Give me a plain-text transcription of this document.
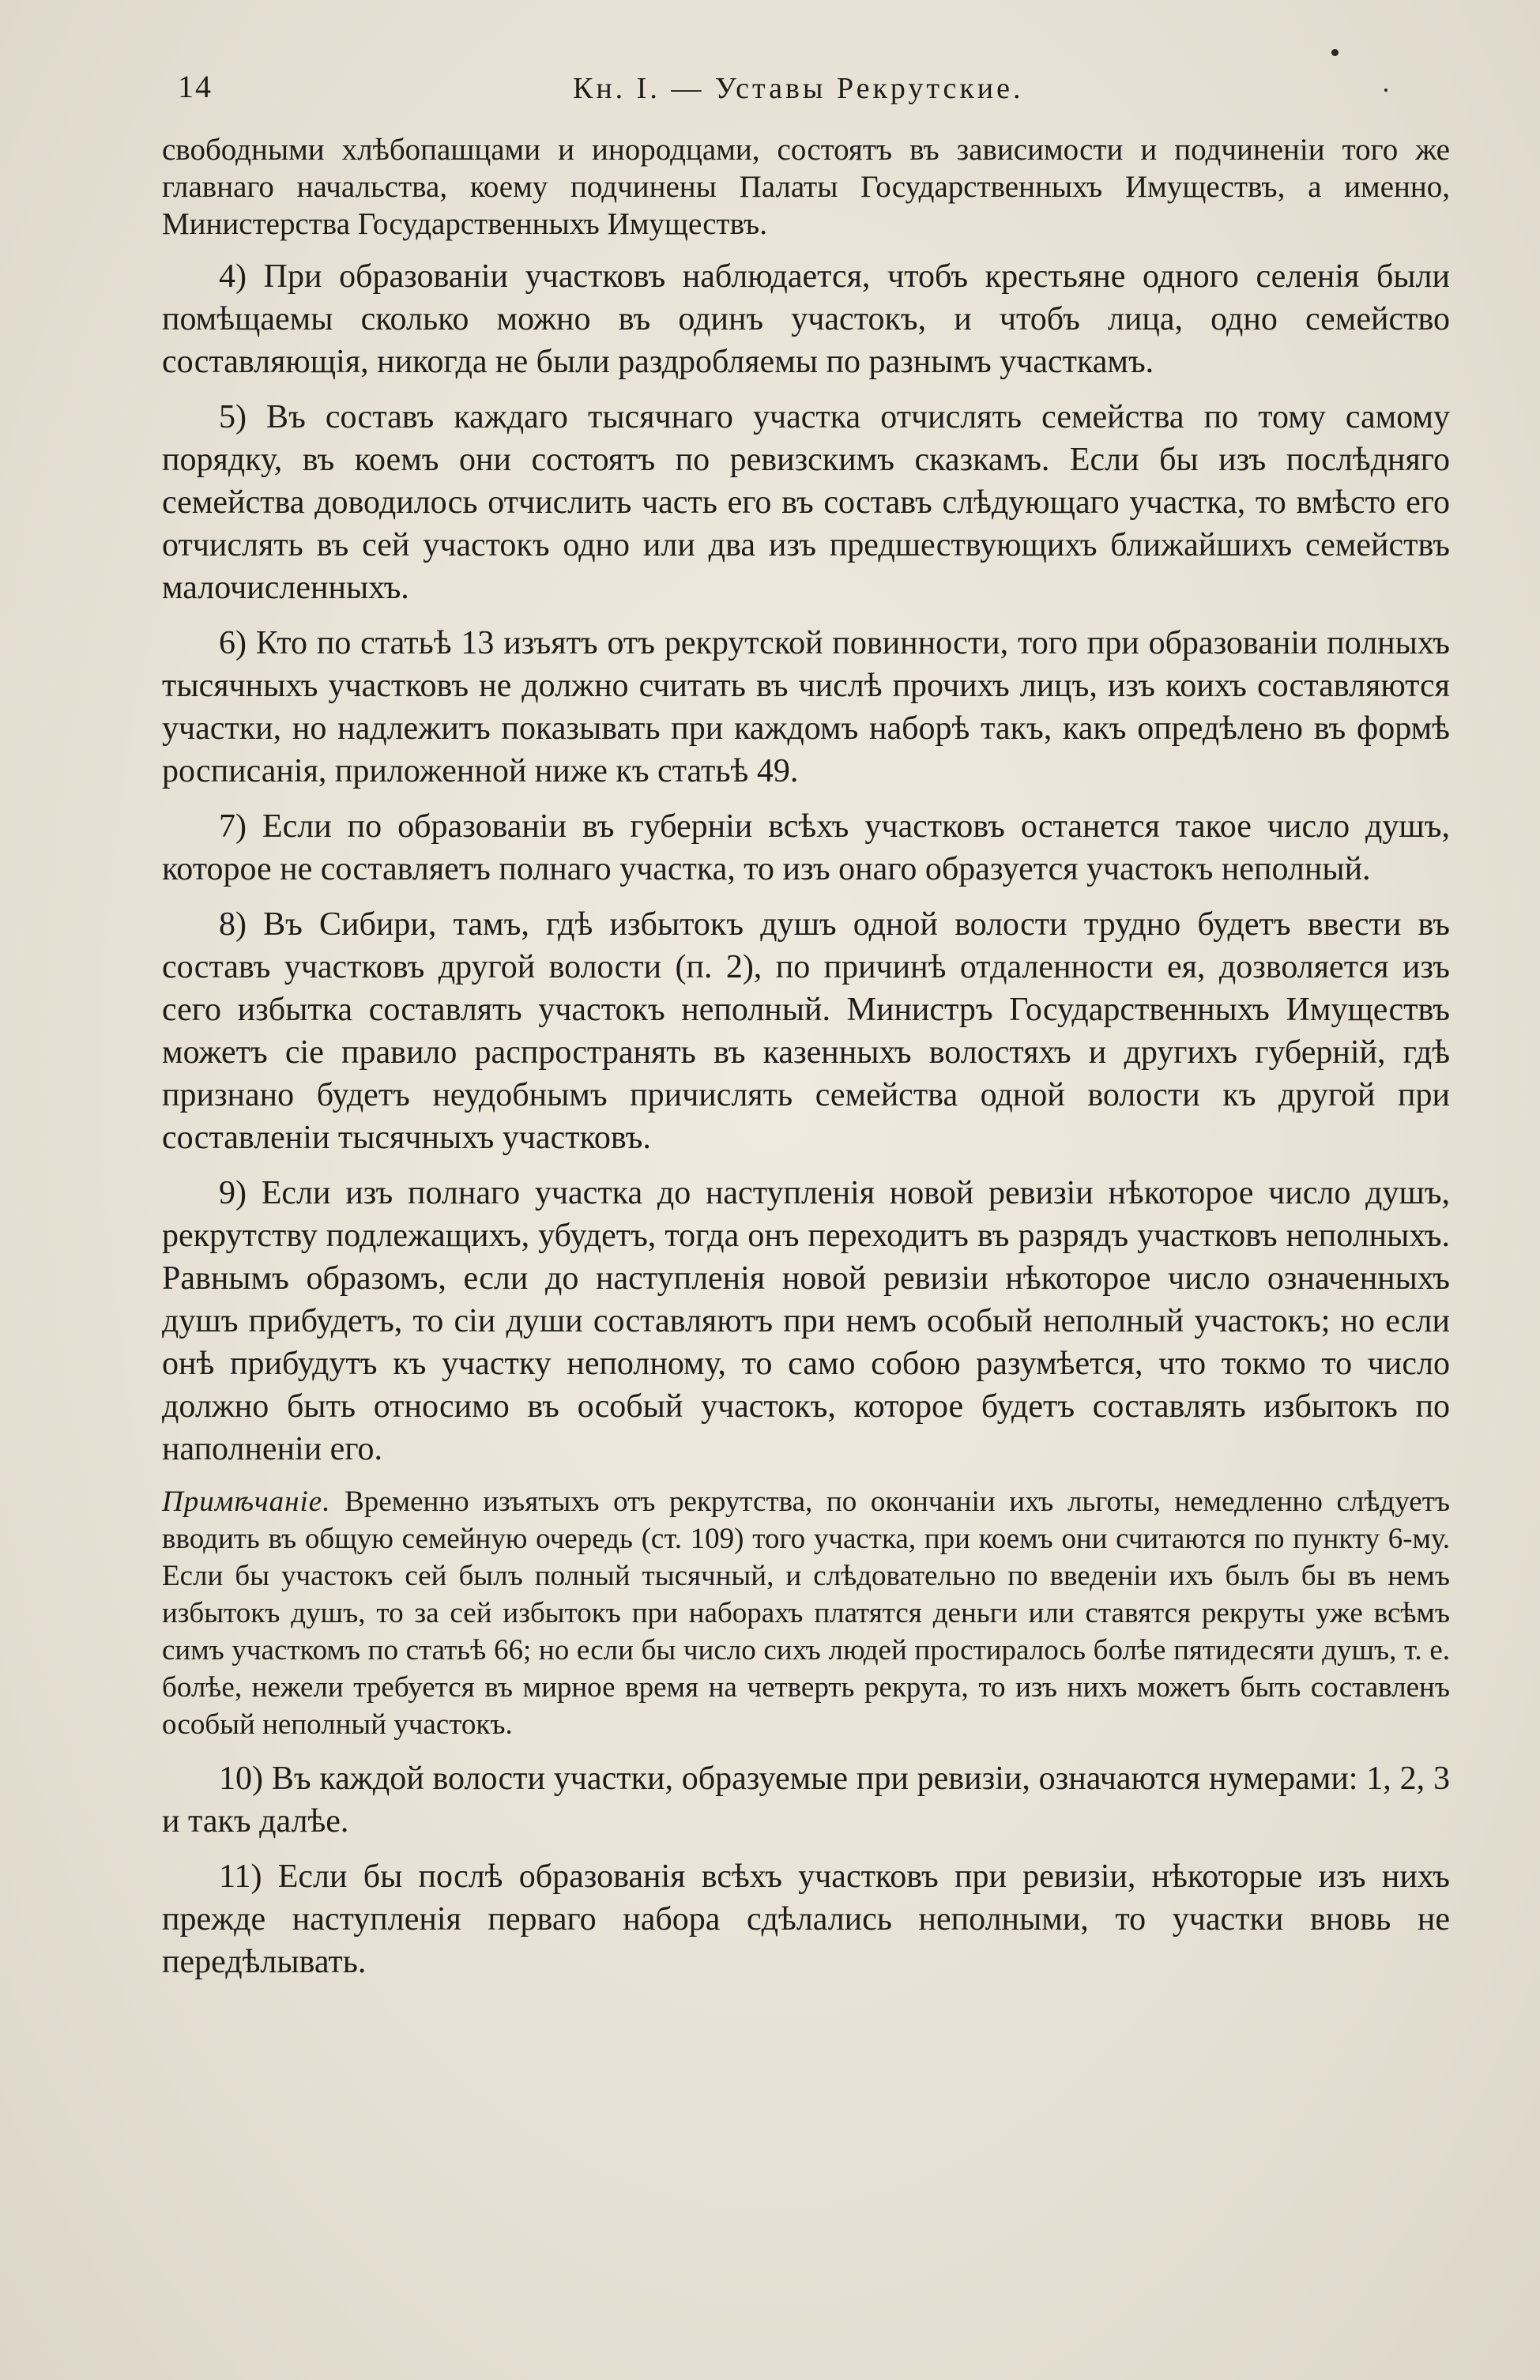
14	Кн. I. — Уставы Рекрутские.

свободными хлѣбопашцами и инородцами, состоятъ въ зависимости и подчиненіи того же главнаго начальства, коему подчинены Палаты Государственныхъ Имуществъ, а именно, Министерства Государственныхъ Имуществъ.

4) При образованіи участковъ наблюдается, чтобъ крестьяне одного селенія были помѣщаемы сколько можно въ одинъ участокъ, и чтобъ лица, одно семейство составляющія, никогда не были раздробляемы по разнымъ участкамъ.

5) Въ составъ каждаго тысячнаго участка отчислять семейства по тому самому порядку, въ коемъ они состоятъ по ревизскимъ сказкамъ. Если бы изъ послѣдняго семейства доводилось отчислить часть его въ составъ слѣдующаго участка, то вмѣсто его отчислять въ сей участокъ одно или два изъ предшествующихъ ближайшихъ семействъ малочисленныхъ.

6) Кто по статьѣ 13 изъятъ отъ рекрутской повинности, того при образованіи полныхъ тысячныхъ участковъ не должно считать въ числѣ прочихъ лицъ, изъ коихъ составляются участки, но надлежитъ показывать при каждомъ наборѣ такъ, какъ опредѣлено въ формѣ росписанія, приложенной ниже къ статьѣ 49.

7) Если по образованіи въ губерніи всѣхъ участковъ останется такое число душъ, которое не составляетъ полнаго участка, то изъ онаго образуется участокъ неполный.

8) Въ Сибири, тамъ, гдѣ избытокъ душъ одной волости трудно будетъ ввести въ составъ участковъ другой волости (п. 2), по причинѣ отдаленности ея, дозволяется изъ сего избытка составлять участокъ неполный. Министръ Государственныхъ Имуществъ можетъ сіе правило распространять въ казенныхъ волостяхъ и другихъ губерній, гдѣ признано будетъ неудобнымъ причислять семейства одной волости къ другой при составленіи тысячныхъ участковъ.

9) Если изъ полнаго участка до наступленія новой ревизіи нѣкоторое число душъ, рекрутству подлежащихъ, убудетъ, тогда онъ переходитъ въ разрядъ участковъ неполныхъ. Равнымъ образомъ, если до наступленія новой ревизіи нѣкоторое число означенныхъ душъ прибудетъ, то сіи души составляютъ при немъ особый неполный участокъ; но если онѣ прибудутъ къ участку неполному, то само собою разумѣется, что токмо то число должно быть относимо въ особый участокъ, которое будетъ составлять избытокъ по наполненіи его.

Примѣчаніе. Временно изъятыхъ отъ рекрутства, по окончаніи ихъ льготы, немедленно слѣдуетъ вводить въ общую семейную очередь (ст. 109) того участка, при коемъ они считаются по пункту 6-му. Если бы участокъ сей былъ полный тысячный, и слѣдовательно по введеніи ихъ былъ бы въ немъ избытокъ душъ, то за сей избытокъ при наборахъ платятся деньги или ставятся рекруты уже всѣмъ симъ участкомъ по статьѣ 66; но если бы число сихъ людей простиралось болѣе пятидесяти душъ, т. е. болѣе, нежели требуется въ мирное время на четверть рекрута, то изъ нихъ можетъ быть составленъ особый неполный участокъ.

10) Въ каждой волости участки, образуемые при ревизіи, означаются нумерами: 1, 2, 3 и такъ далѣе.

11) Если бы послѣ образованія всѣхъ участковъ при ревизіи, нѣкоторые изъ нихъ прежде наступленія перваго набора сдѣлались неполными, то участки вновь не передѣлывать.
